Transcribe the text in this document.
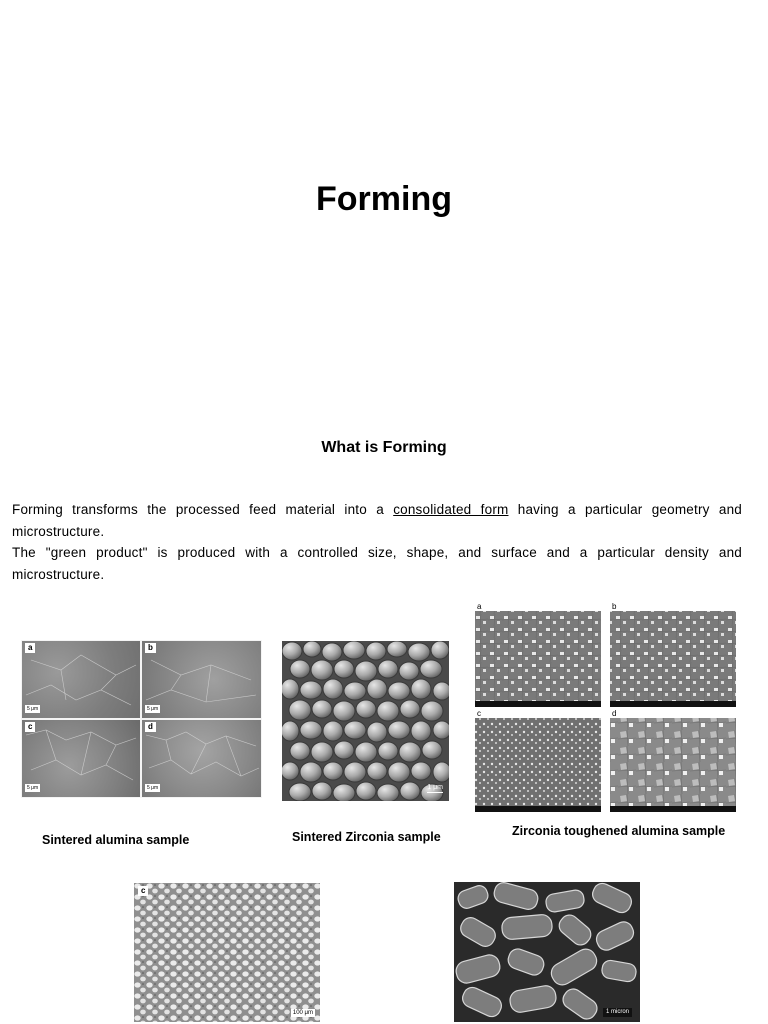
Forming
What is Forming

Forming transforms the processed feed material into a consolidated form having a particular geometry and microstructure.

The "green product" is produced with a controlled size, shape, and surface and a particular density and microstructure.

a	b
c	d
5 μm	5 μm
5 μm	5 μm
Sintered alumina sample
1 μm
Sintered Zirconia sample
a	b
c	d
Zirconia toughened alumina sample
c
100 μm	1 micron
